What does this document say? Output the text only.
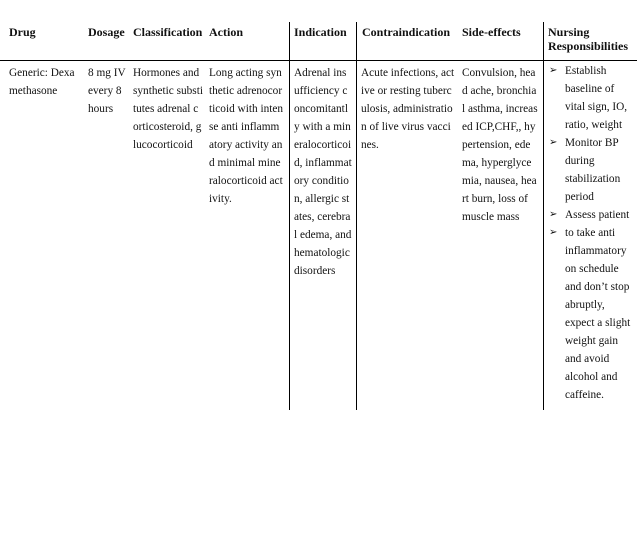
Drug	Dosage Classification Action	Indication Contraindication Side-effects Nursing
Responsibilities
Generic: Dexamethasone
8 mg IV every 8 hours
Hormones and synthetic substitutes adrenal corticosteroid, glucocorticoid
Long acting synthetic adrenocorticoid with intense anti inflammatory activity and minimal mineralocorticoid activity.
Adrenal insufficiency concomitantly with a mineralocorticoid, inflammatory condition, allergic states, cerebral edema, and hematologic disorders
Acute infections, active or resting tuberculosis, administration of live virus vaccines.
Convulsion, head ache, bronchial asthma, increased ICP,CHF,, hypertension, edema, hyperglycemia, nausea, heart burn, loss of muscle mass
➢ Establish baseline of vital sign, IO, ratio, weight
➢ Monitor BP during stabilization period
➢ Assess patient
➢ to take anti inflammatory on schedule and don’t stop abruptly, expect a slight weight gain and avoid alcohol and caffeine.
